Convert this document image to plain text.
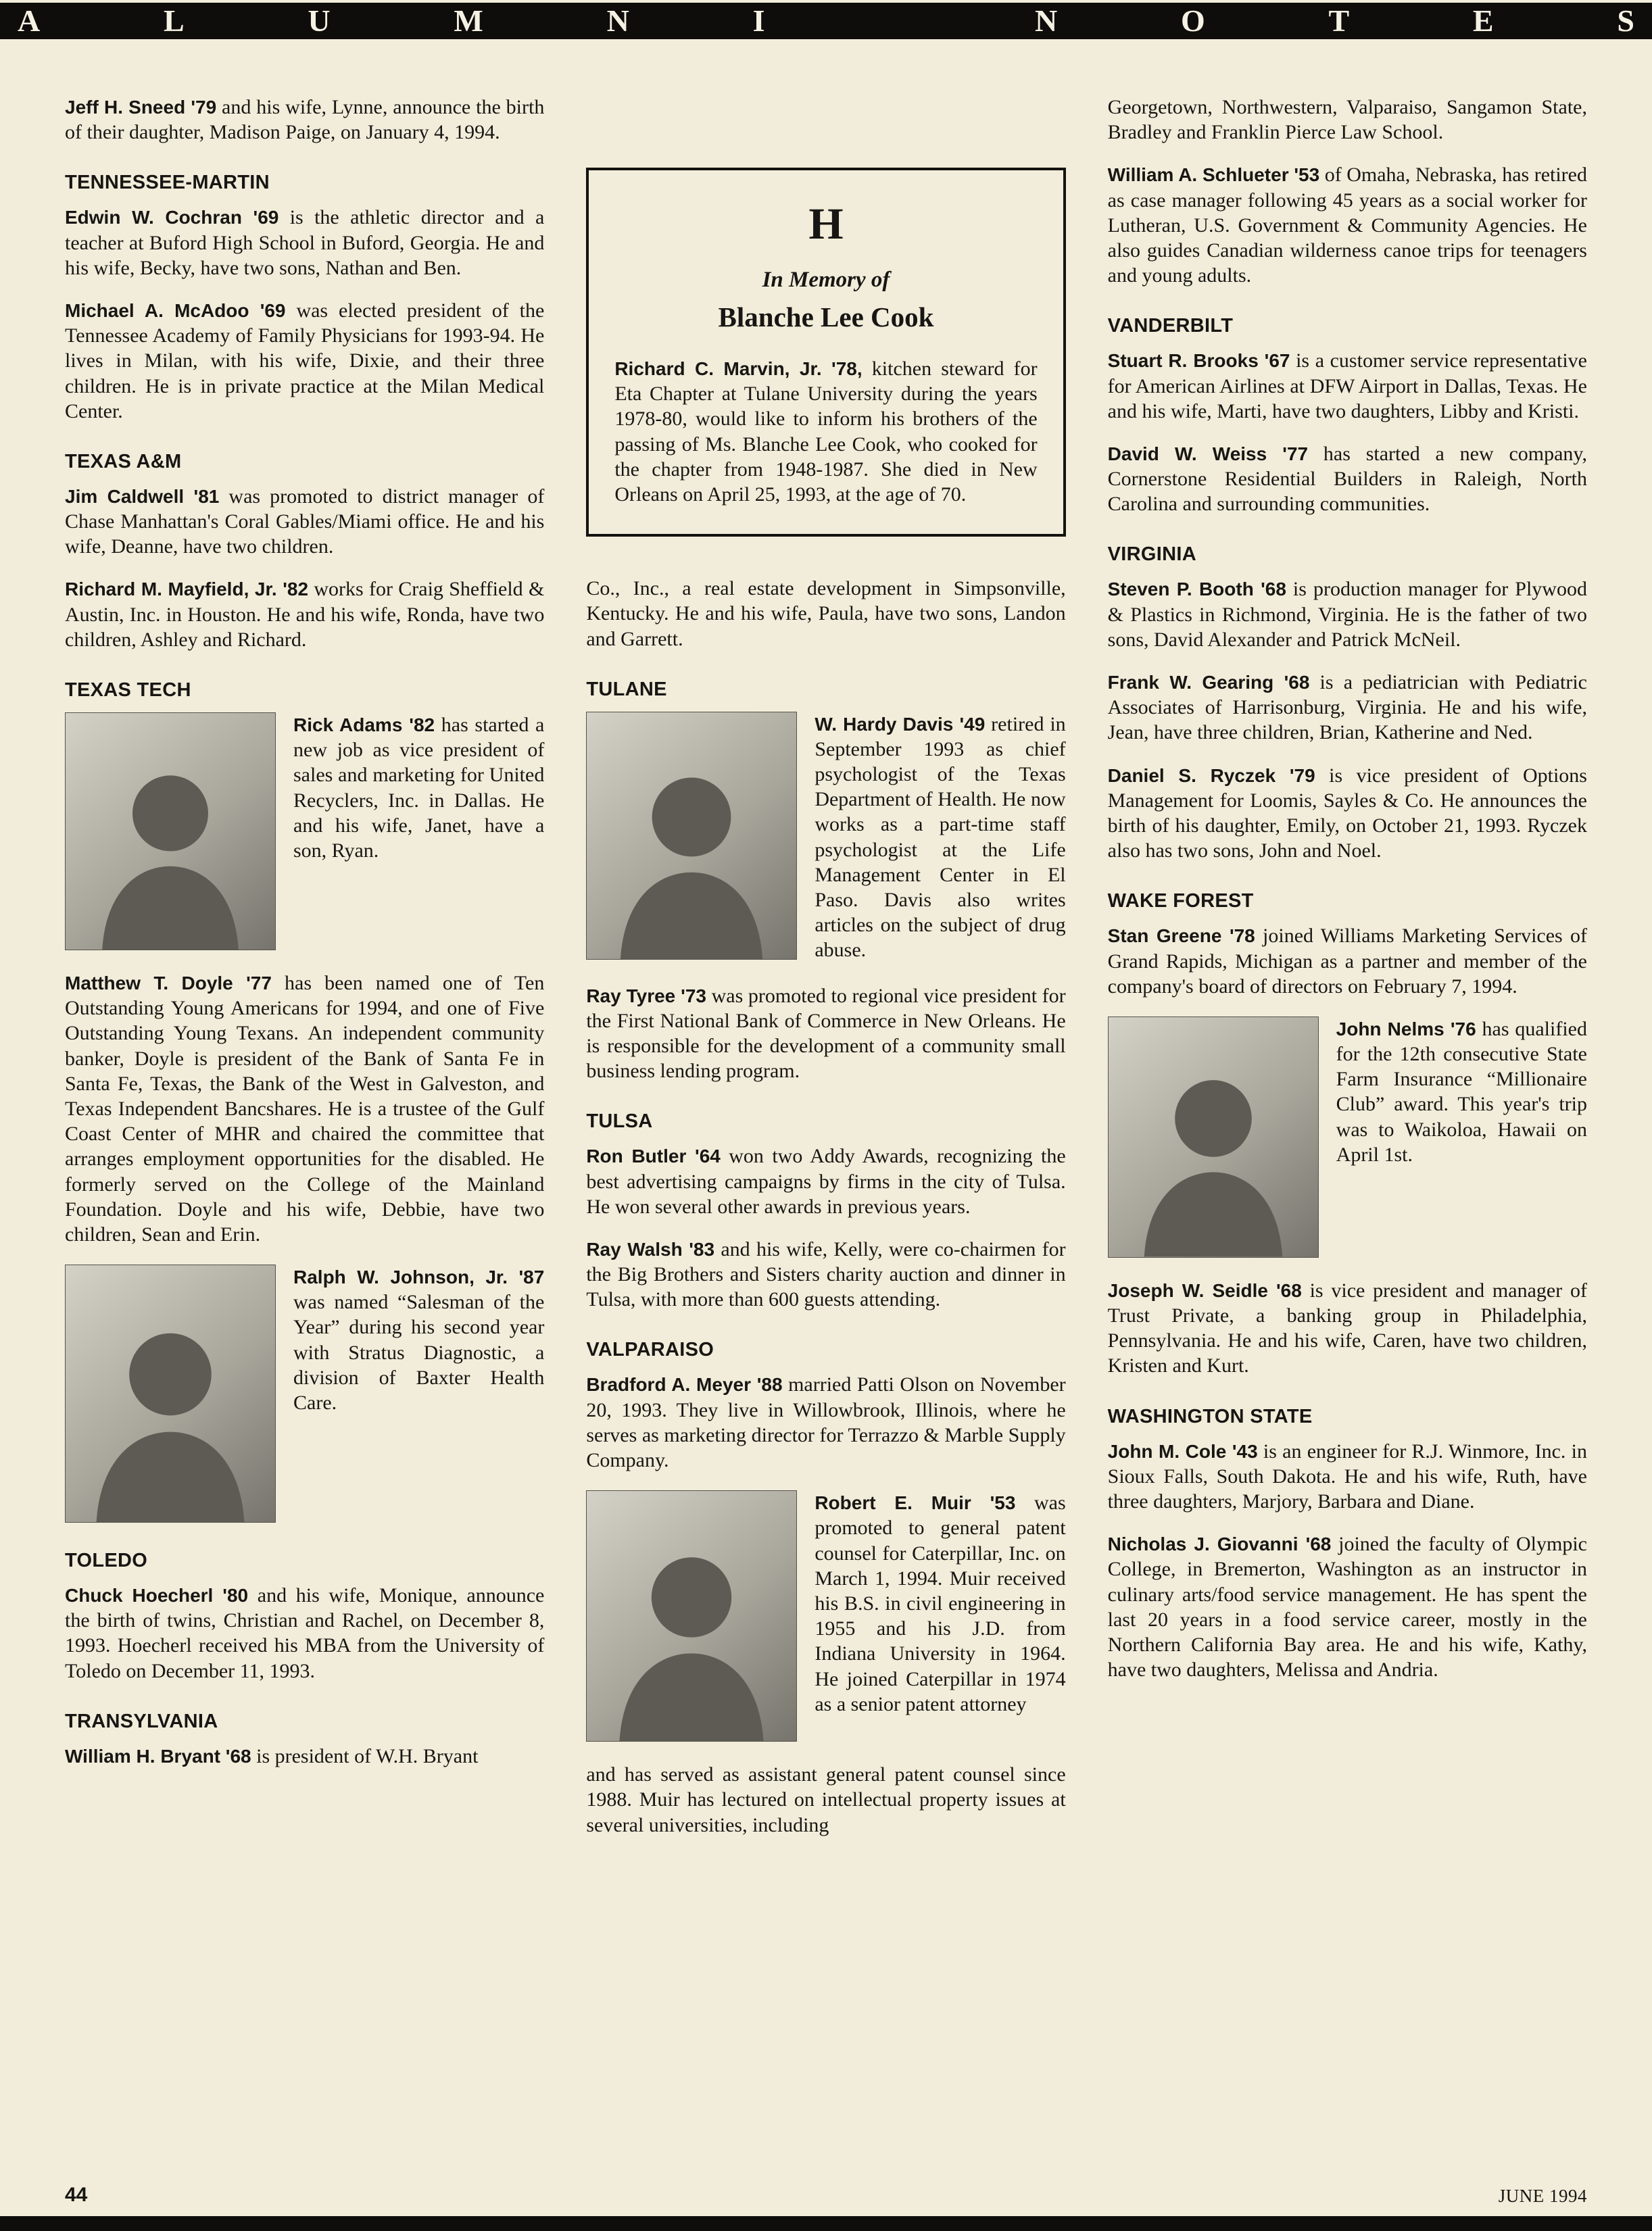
A	L	U	M	N	I	N	O	T	E	S

Jeff H. Sneed '79 and his wife, Lynne, announce the birth of their daughter, Madison Paige, on January 4, 1994.

TENNESSEE-MARTIN

Edwin W. Cochran '69 is the athletic director and a teacher at Buford High School in Buford, Georgia. He and his wife, Becky, have two sons, Nathan and Ben.

Michael A. McAdoo '69 was elected president of the Tennessee Academy of Family Physicians for 1993-94. He lives in Milan, with his wife, Dixie, and their three children. He is in private practice at the Milan Medical Center.

TEXAS A&M

Jim Caldwell '81 was promoted to district manager of Chase Manhattan's Coral Gables/Miami office. He and his wife, Deanne, have two children.

Richard M. Mayfield, Jr. '82 works for Craig Sheffield & Austin, Inc. in Houston. He and his wife, Ronda, have two children, Ashley and Richard.

TEXAS TECH

Rick Adams '82 has started a new job as vice president of sales and marketing for United Recyclers, Inc. in Dallas. He and his wife, Janet, have a son, Ryan.

Matthew T. Doyle '77 has been named one of Ten Outstanding Young Americans for 1994, and one of Five Outstanding Young Texans. An independent community banker, Doyle is president of the Bank of Santa Fe in Santa Fe, Texas, the Bank of the West in Galveston, and Texas Independent Bancshares. He is a trustee of the Gulf Coast Center of MHR and chaired the committee that arranges employment opportunities for the disabled. He formerly served on the College of the Mainland Foundation. Doyle and his wife, Debbie, have two children, Sean and Erin.

Ralph W. Johnson, Jr. '87 was named “Salesman of the Year” during his second year with Stratus Diagnostic, a division of Baxter Health Care.

TOLEDO

Chuck Hoecherl '80 and his wife, Monique, announce the birth of twins, Christian and Rachel, on December 8, 1993. Hoecherl received his MBA from the University of Toledo on December 11, 1993.

TRANSYLVANIA

William H. Bryant '68 is president of W.H. Bryant

H
In Memory of
Blanche Lee Cook

Richard C. Marvin, Jr. '78, kitchen steward for Eta Chapter at Tulane University during the years 1978-80, would like to inform his brothers of the passing of Ms. Blanche Lee Cook, who cooked for the chapter from 1948-1987. She died in New Orleans on April 25, 1993, at the age of 70.

Co., Inc., a real estate development in Simpsonville, Kentucky. He and his wife, Paula, have two sons, Landon and Garrett.

TULANE

W. Hardy Davis '49 retired in September 1993 as chief psychologist of the Texas Department of Health. He now works as a part-time staff psychologist at the Life Management Center in El Paso. Davis also writes articles on the subject of drug abuse.

Ray Tyree '73 was promoted to regional vice president for the First National Bank of Commerce in New Orleans. He is responsible for the development of a community small business lending program.

TULSA

Ron Butler '64 won two Addy Awards, recognizing the best advertising campaigns by firms in the city of Tulsa. He won several other awards in previous years.

Ray Walsh '83 and his wife, Kelly, were co-chairmen for the Big Brothers and Sisters charity auction and dinner in Tulsa, with more than 600 guests attending.

VALPARAISO

Bradford A. Meyer '88 married Patti Olson on November 20, 1993. They live in Willowbrook, Illinois, where he serves as marketing director for Terrazzo & Marble Supply Company.

Robert E. Muir '53 was promoted to general patent counsel for Caterpillar, Inc. on March 1, 1994. Muir received his B.S. in civil engineering in 1955 and his J.D. from Indiana University in 1964. He joined Caterpillar in 1974 as a senior patent attorney

and has served as assistant general patent counsel since 1988. Muir has lectured on intellectual property issues at several universities, including

Georgetown, Northwestern, Valparaiso, Sangamon State, Bradley and Franklin Pierce Law School.

William A. Schlueter '53 of Omaha, Nebraska, has retired as case manager following 45 years as a social worker for Lutheran, U.S. Government & Community Agencies. He also guides Canadian wilderness canoe trips for teenagers and young adults.

VANDERBILT

Stuart R. Brooks '67 is a customer service representative for American Airlines at DFW Airport in Dallas, Texas. He and his wife, Marti, have two daughters, Libby and Kristi.

David W. Weiss '77 has started a new company, Cornerstone Residential Builders in Raleigh, North Carolina and surrounding communities.

VIRGINIA

Steven P. Booth '68 is production manager for Plywood & Plastics in Richmond, Virginia. He is the father of two sons, David Alexander and Patrick McNeil.

Frank W. Gearing '68 is a pediatrician with Pediatric Associates of Harrisonburg, Virginia. He and his wife, Jean, have three children, Brian, Katherine and Ned.

Daniel S. Ryczek '79 is vice president of Options Management for Loomis, Sayles & Co. He announces the birth of his daughter, Emily, on October 21, 1993. Ryczek also has two sons, John and Noel.

WAKE FOREST

Stan Greene '78 joined Williams Marketing Services of Grand Rapids, Michigan as a partner and member of the company's board of directors on February 7, 1994.

John Nelms '76 has qualified for the 12th consecutive State Farm Insurance “Millionaire Club” award. This year's trip was to Waikoloa, Hawaii on April 1st.

Joseph W. Seidle '68 is vice president and manager of Trust Private, a banking group in Philadelphia, Pennsylvania. He and his wife, Caren, have two children, Kristen and Kurt.

WASHINGTON STATE

John M. Cole '43 is an engineer for R.J. Winmore, Inc. in Sioux Falls, South Dakota. He and his wife, Ruth, have three daughters, Marjory, Barbara and Diane.

Nicholas J. Giovanni '68 joined the faculty of Olympic College, in Bremerton, Washington as an instructor in culinary arts/food service management. He has spent the last 20 years in a food service career, mostly in the Northern California Bay area. He and his wife, Kathy, have two daughters, Melissa and Andria.

44	JUNE 1994
